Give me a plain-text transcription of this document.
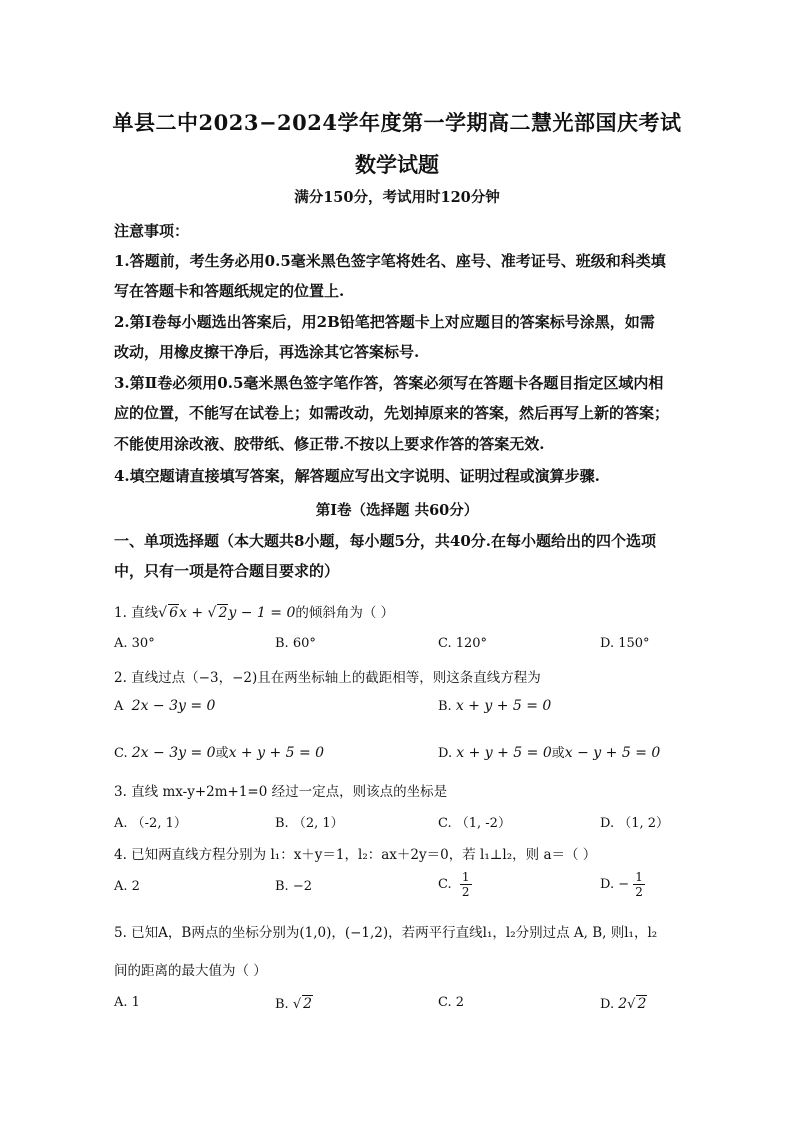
单县二中2023−2024学年度第一学期高二慧光部国庆考试
数学试题
满分150分，考试用时120分钟
注意事项：
1.答题前，考生务必用0.5毫米黑色签字笔将姓名、座号、准考证号、班级和科类填
写在答题卡和答题纸规定的位置上.
2.第Ⅰ卷每小题选出答案后，用2B铅笔把答题卡上对应题目的答案标号涂黑，如需
改动，用橡皮擦干净后，再选涂其它答案标号.
3.第Ⅱ卷必须用0.5毫米黑色签字笔作答，答案必须写在答题卡各题目指定区域内相
应的位置，不能写在试卷上；如需改动，先划掉原来的答案，然后再写上新的答案；
不能使用涂改液、胶带纸、修正带.不按以上要求作答的答案无效.
4.填空题请直接填写答案，解答题应写出文字说明、证明过程或演算步骤.
第Ⅰ卷（选择题 共60分）
一、单项选择题（本大题共8小题，每小题5分，共40分.在每小题给出的四个选项
中，只有一项是符合题目要求的）
1. 直线√ 6x + √ 2y − 1 = 0的倾斜角为（ ）
A. 30°	B. 60°	C. 120°	D. 150°
2. 直线过点（−3，−2)且在两坐标轴上的截距相等，则这条直线方程为
A 2x − 3y = 0	B. x + y + 5 = 0
C. 2x − 3y = 0或x + y + 5 = 0	D. x + y + 5 = 0或x − y + 5 = 0
3. 直线 mx-y+2m+1=0 经过一定点，则该点的坐标是
A. （-2, 1）	B. （2, 1）	C. （1, -2）	D. （1, 2）
4. 已知两直线方程分别为 l₁：x＋y＝1，l₂：ax＋2y＝0，若 l₁⊥l₂，则 a＝（ ）
A. 2	B. −2	C. $\frac{1}{2}$	D. − $\frac{1}{2}$
5. 已知A，B两点的坐标分别为(1,0)，(−1,2)，若两平行直线l₁，l₂分别过点 A, B, 则l₁，l₂
间的距离的最大值为（ ）
A. 1	B. √ 2	C. 2	D. 2√ 2
